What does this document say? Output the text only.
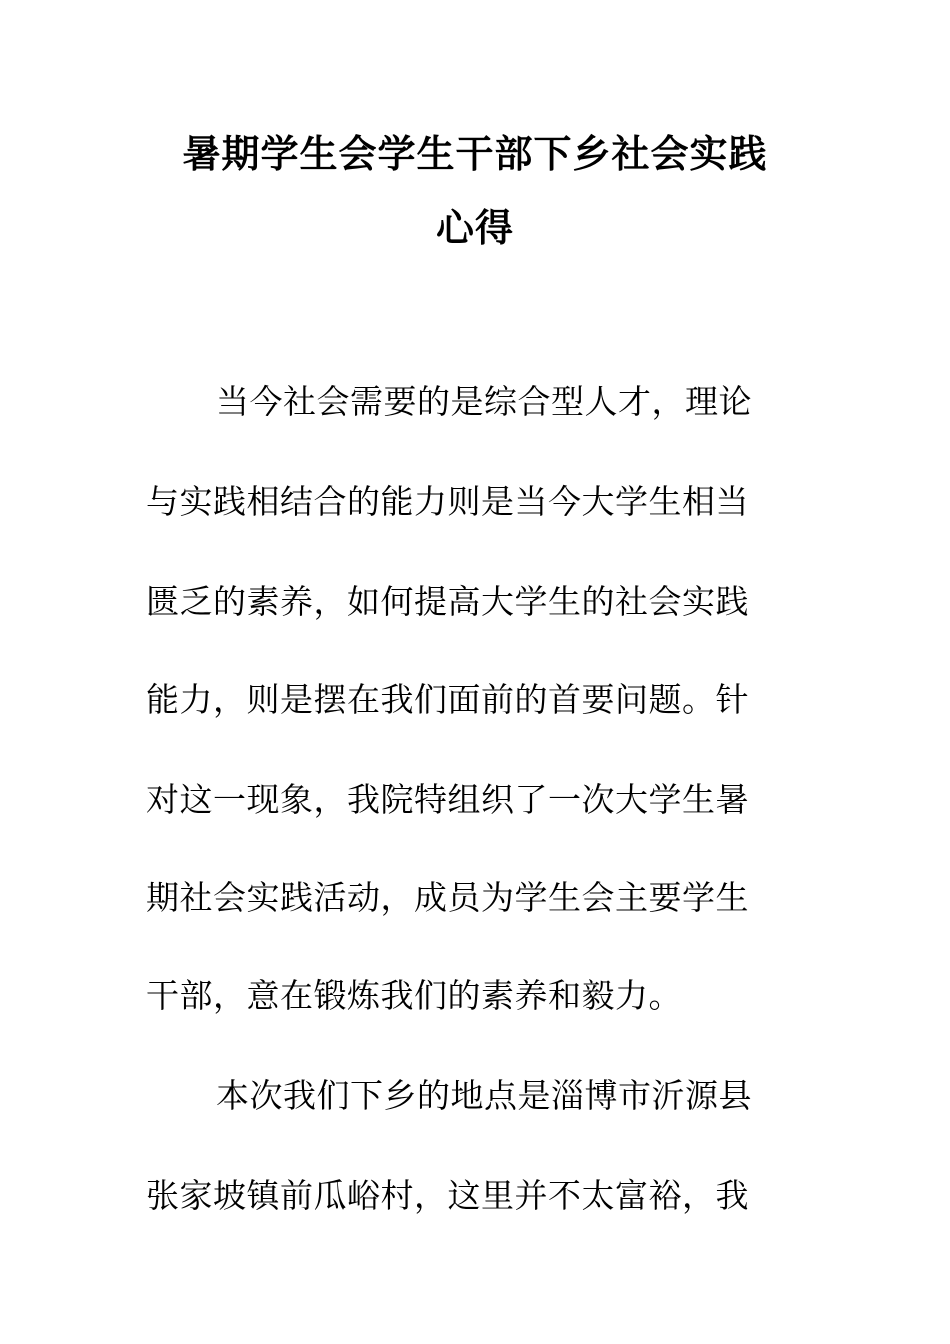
暑期学生会学生干部下乡社会实践
心得
当今社会需要的是综合型人才，理论
与实践相结合的能力则是当今大学生相当
匮乏的素养，如何提高大学生的社会实践
能力，则是摆在我们面前的首要问题。针
对这一现象，我院特组织了一次大学生暑
期社会实践活动，成员为学生会主要学生
干部，意在锻炼我们的素养和毅力。
本次我们下乡的地点是淄博市沂源县
张家坡镇前瓜峪村，这里并不太富裕，我
